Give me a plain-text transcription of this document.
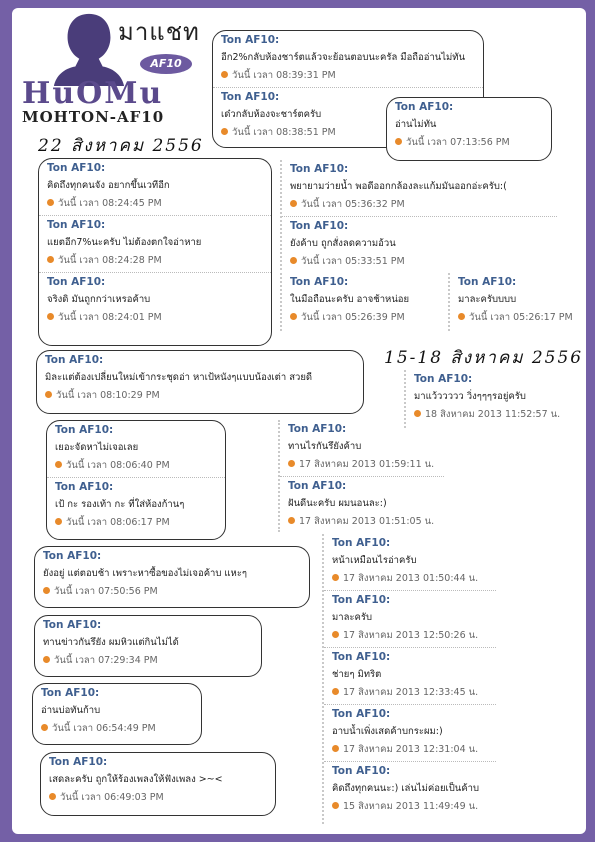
มาแชท
AF10
HuOMu
MOHTON-AF10
22 สิงหาคม 2556
15-18 สิงหาคม 2556
Ton AF10:
อีก2%กลับห้องชาร์ตแล้วจะย้อนตอบนะครัล มือถืออ่านไม่ทัน
วันนี้ เวลา 08:39:31 PM
Ton AF10:
เด๋วกลับห้องจะชาร์ตครับ
วันนี้ เวลา 08:38:51 PM
Ton AF10:
อ่านไม่ทัน
วันนี้ เวลา 07:13:56 PM
Ton AF10:
คิดถึงทุกคนจัง อยากขึ้นเวทีอีก
วันนี้ เวลา 08:24:45 PM
Ton AF10:
แยตอีก7%นะครับ ไม่ต้องตกใจอ่าหาย
วันนี้ เวลา 08:24:28 PM
Ton AF10:
จริงดิ มันถูกกว่าเหรอค้าบ
วันนี้ เวลา 08:24:01 PM
Ton AF10:
พยายามว่ายน้ำ พอดีออกกล้องละแก้มมันออกอ่ะครับ:(
วันนี้ เวลา 05:36:32 PM
Ton AF10:
ยังค้าบ ถูกสั่งลดความอ้วน
วันนี้ เวลา 05:33:51 PM
Ton AF10:
ในมือถือนะครับ อาจช้าหน่อย
วันนี้ เวลา 05:26:39 PM
Ton AF10:
มาละครับบบบ
วันนี้ เวลา 05:26:17 PM
Ton AF10:
มิละแต่ต้องเปลี่ยนใหม่เข้ากระชุดอ่า หาเป้หนังๆแบบน้องเต่า สวยดี
วันนี้ เวลา 08:10:29 PM
Ton AF10:
มาแว้ววววว วิ่งๆๆๆรอยู่ครับ
18 สิงหาคม 2013 11:52:57 น.
Ton AF10:
เยอะจัดหาไม่เจอเลย
วันนี้ เวลา 08:06:40 PM
Ton AF10:
เป้ กะ รองเท้า กะ ที่ใส่ห้องก้านๆ
วันนี้ เวลา 08:06:17 PM
Ton AF10:
ทานไรกันรึยังค้าบ
17 สิงหาคม 2013 01:59:11 น.
Ton AF10:
ฝันดีนะครับ ผมนอนละ:)
17 สิงหาคม 2013 01:51:05 น.
Ton AF10:
ยังอยู่ แต่ตอบช้า เพราะหาซื้อของไม่เจอค้าบ แหะๆ
วันนี้ เวลา 07:50:56 PM
Ton AF10:
หน้าเหมือนไรอ่าครับ
17 สิงหาคม 2013 01:50:44 น.
Ton AF10:
มาละครับ
17 สิงหาคม 2013 12:50:26 น.
Ton AF10:
ช่ายๆ มิทริต
17 สิงหาคม 2013 12:33:45 น.
Ton AF10:
อาบน้ำเพิ่งเสดค้าบกระผม:)
17 สิงหาคม 2013 12:31:04 น.
Ton AF10:
คิดถึงทุกคนนะ:) เล่นไม่ค่อยเป็นค้าบ
15 สิงหาคม 2013 11:49:49 น.
Ton AF10:
ทานข่าวกันรึยัง ผมหิวแต่กินไม่ได้
วันนี้ เวลา 07:29:34 PM
Ton AF10:
อ่านบ่อทันก้าบ
วันนี้ เวลา 06:54:49 PM
Ton AF10:
เสดละครับ ถูกให้ร้องเพลงให้ฟังเพลง >~<
วันนี้ เวลา 06:49:03 PM
